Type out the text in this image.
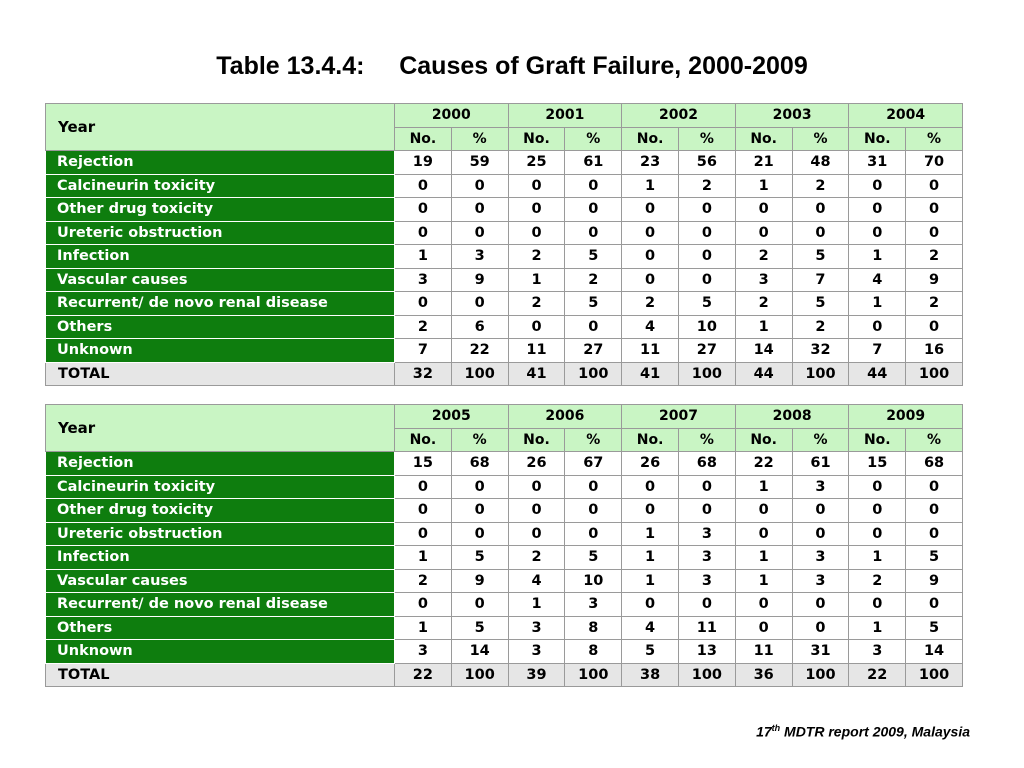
Table 13.4.4:     Causes of Graft Failure, 2000-2009
Year	2000		2001		2002		2003		2004	
	No.	%	No.	%	No.	%	No.	%	No.	%
Rejection	19	59	25	61	23	56	21	48	31	70
Calcineurin toxicity	0	0	0	0	1	2	1	2	0	0
Other drug toxicity	0	0	0	0	0	0	0	0	0	0
Ureteric obstruction	0	0	0	0	0	0	0	0	0	0
Infection	1	3	2	5	0	0	2	5	1	2
Vascular causes	3	9	1	2	0	0	3	7	4	9
Recurrent/ de novo renal disease	0	0	2	5	2	5	2	5	1	2
Others	2	6	0	0	4	10	1	2	0	0
Unknown	7	22	11	27	11	27	14	32	7	16
TOTAL	32	100	41	100	41	100	44	100	44	100
Year	2005		2006		2007		2008		2009	
	No.	%	No.	%	No.	%	No.	%	No.	%
Rejection	15	68	26	67	26	68	22	61	15	68
Calcineurin toxicity	0	0	0	0	0	0	1	3	0	0
Other drug toxicity	0	0	0	0	0	0	0	0	0	0
Ureteric obstruction	0	0	0	0	1	3	0	0	0	0
Infection	1	5	2	5	1	3	1	3	1	5
Vascular causes	2	9	4	10	1	3	1	3	2	9
Recurrent/ de novo renal disease	0	0	1	3	0	0	0	0	0	0
Others	1	5	3	8	4	11	0	0	1	5
Unknown	3	14	3	8	5	13	11	31	3	14
TOTAL	22	100	39	100	38	100	36	100	22	100
17th MDTR report 2009, Malaysia
